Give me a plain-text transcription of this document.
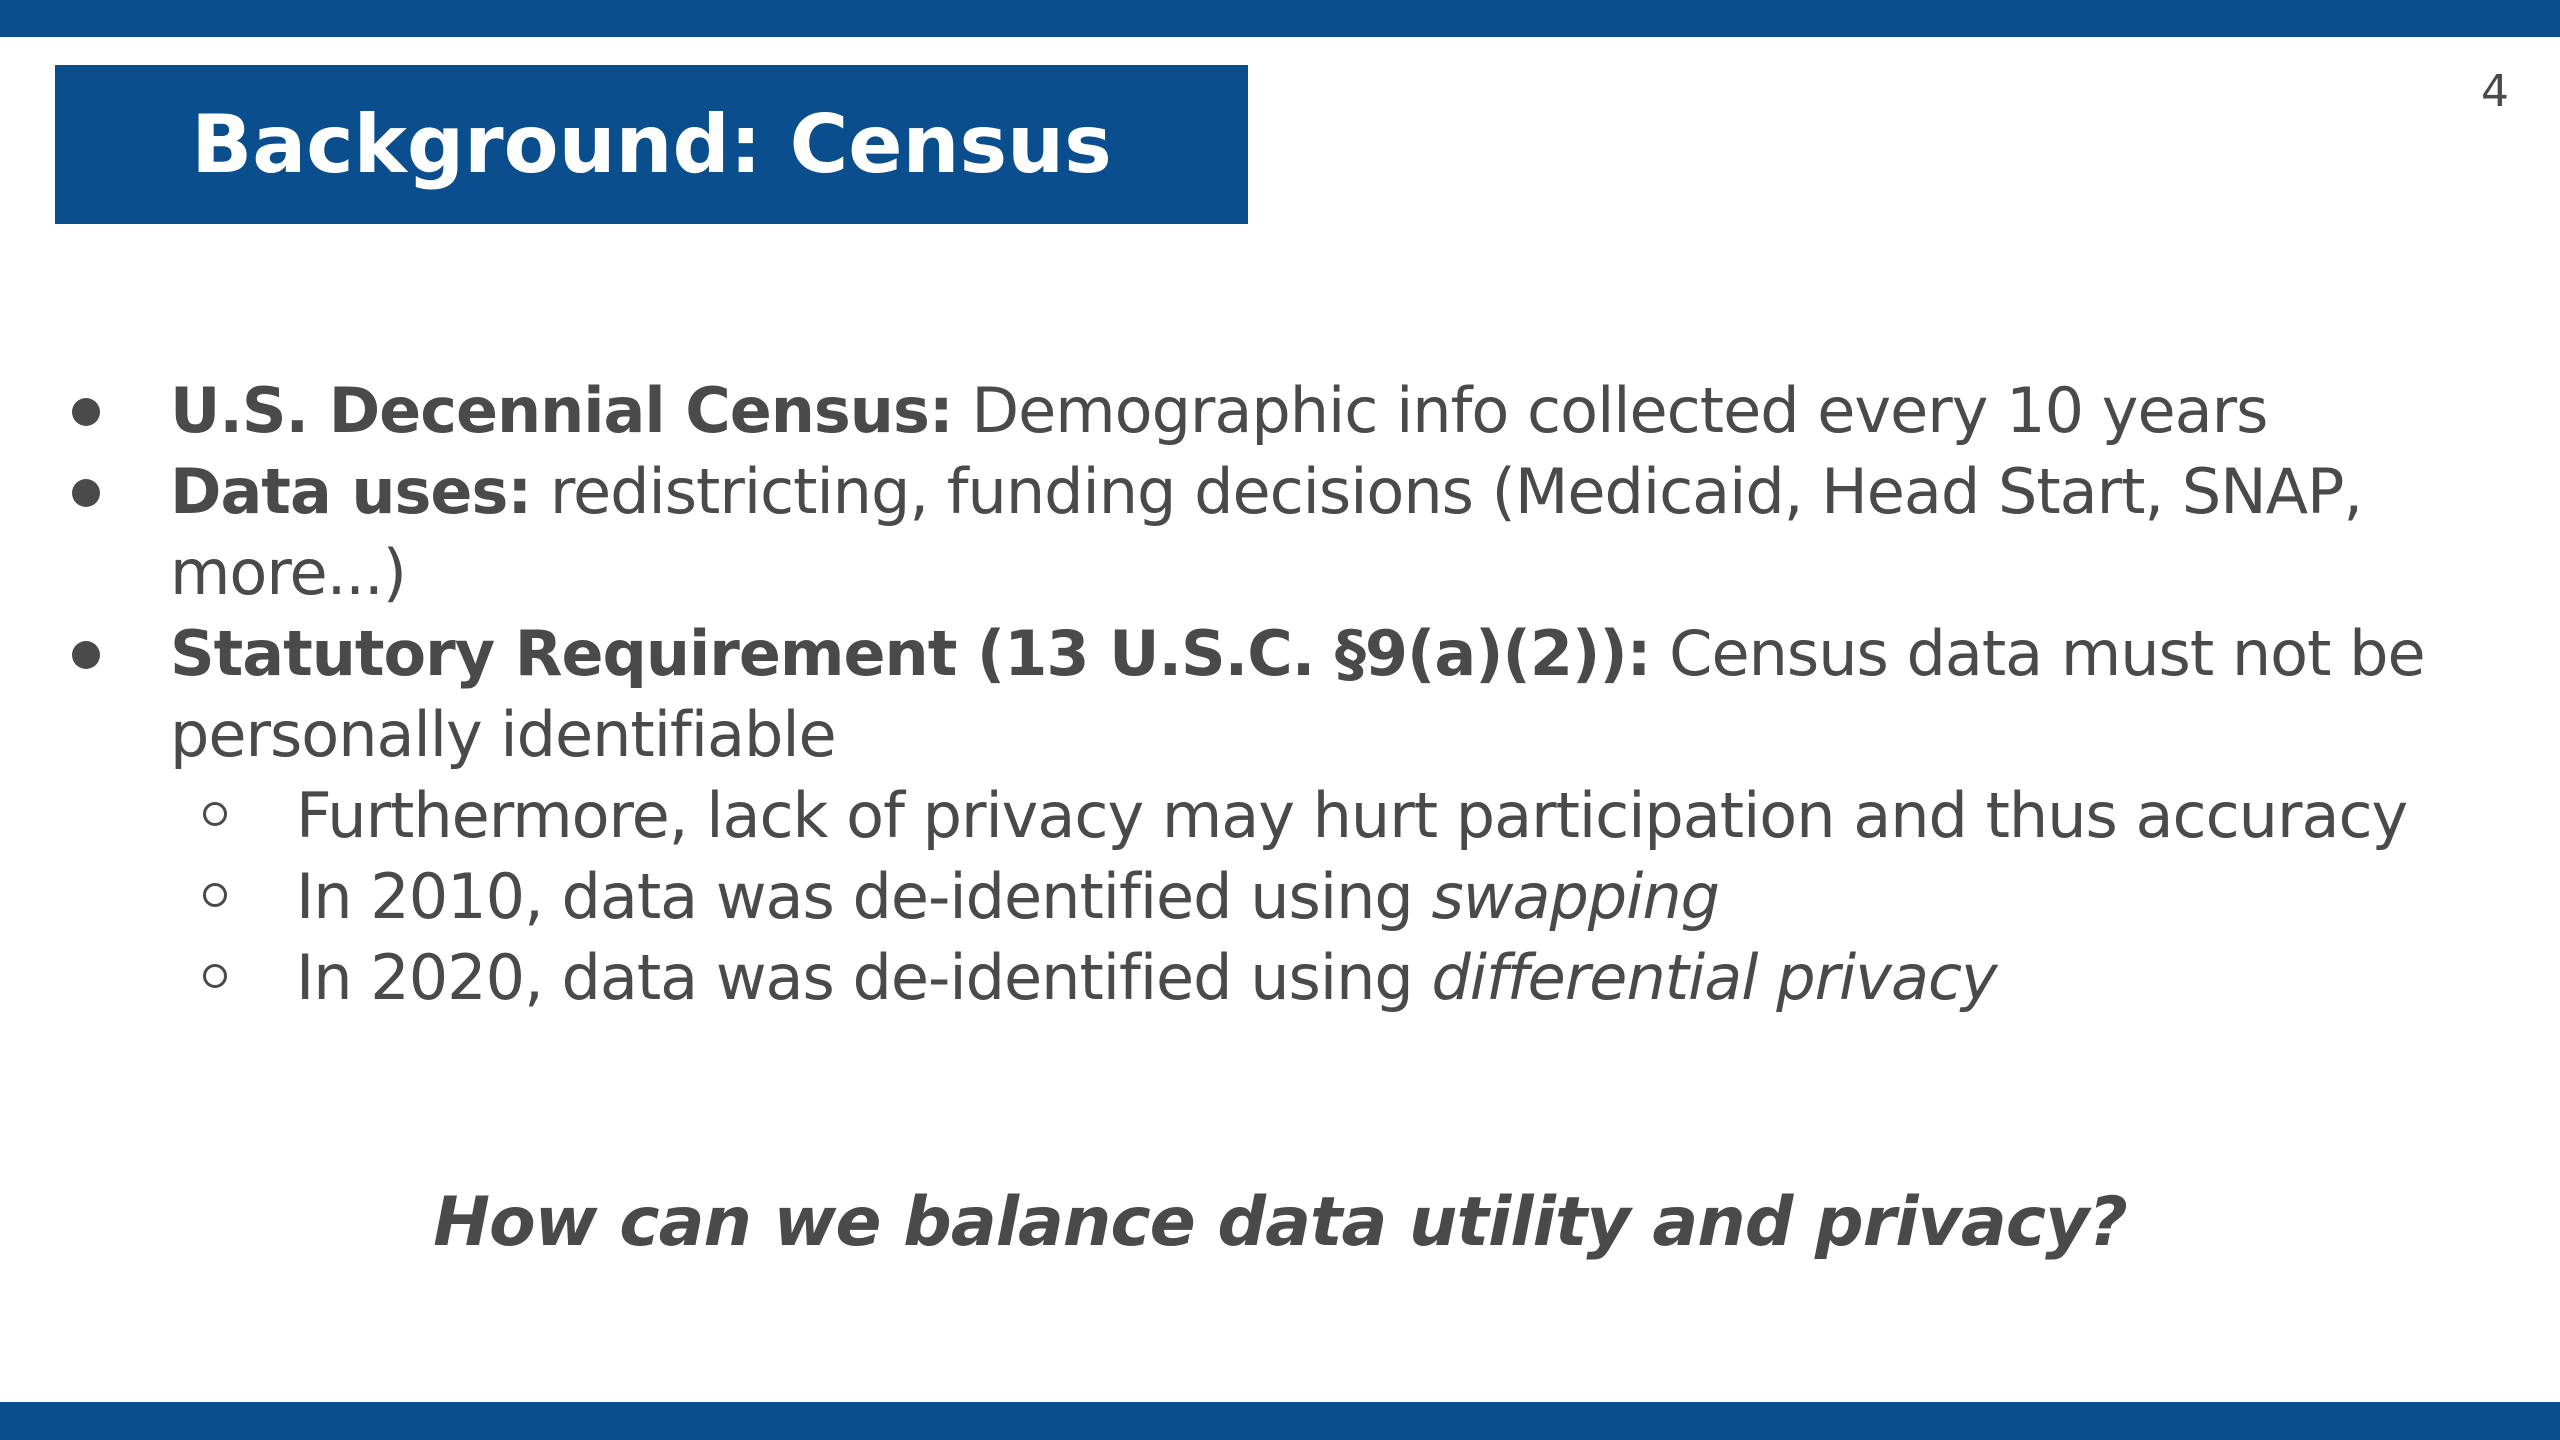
Background: Census
4
U.S. Decennial Census: Demographic info collected every 10 years
Data uses: redistricting, funding decisions (Medicaid, Head Start, SNAP, more...)
Statutory Requirement (13 U.S.C. §9(a)(2)): Census data must not be personally identifiable
Furthermore, lack of privacy may hurt participation and thus accuracy
In 2010, data was de-identified using swapping
In 2020, data was de-identified using differential privacy
How can we balance data utility and privacy?
